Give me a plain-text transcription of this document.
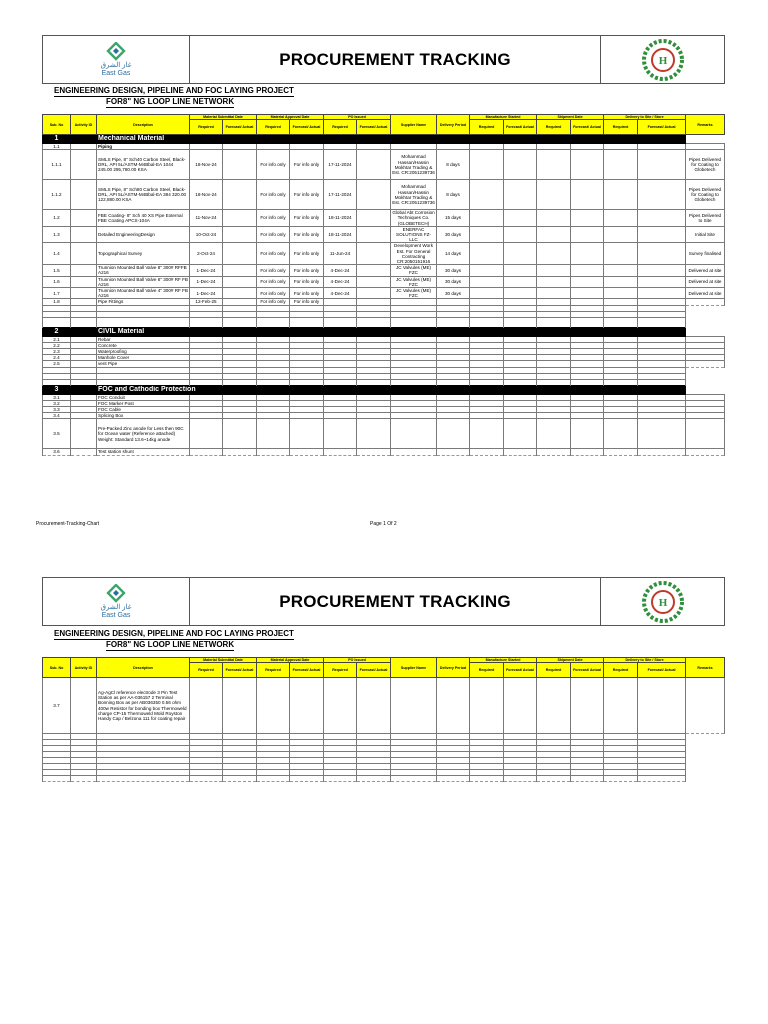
غاز الشرق
East Gas
PROCUREMENT TRACKING	H
ENGINEERING DESIGN, PIPELINE AND FOC LAYING PROJECT
FOR8" NG LOOP LINE NETWORK
Sub. No	Activity ID	Description	Material Submittal Date		Material Approval Date		PO Issued		Supplier Name	Delivery Period	Manufacture Started		Shipment Date		Delivery to Site / Store		Remarks
			Required	Forecast/ Actual	Required	Forecast/ Actual	Required	Forecast/ Actual			Required	Forecast/ Actual	Required	Forecast/ Actual	Required	Forecast/ Actual	
1		Mechanical Material															
1.1		Piping															
1.1.1		SMLS Pipe, 8" Sch40 Carbon Steel, Black-DRL, API 5L/ASTM-M4Bbal-EA 1044 245.00 295,780.00 KSA	18-Nov-24		For info only	For info only	17-11-2024		Mohammad Hassan/Hassin Mokhtar Trading & Est. CR:2051239736	8 days							Pipes Delivered for Coating to Globetech
1.1.2		SMLS Pipe, 8" Sch80 Carbon Steel, Black-DRL, API 5L/ASTM-M4Bbal-EA 384 320.00 122,880.00 KSA	18-Nov-24		For info only	For info only	17-11-2024		Mohammad Hassan/Hassin Mokhtar Trading & Est. CR:2051239736	8 days							Pipes Delivered for Coating to Globetech
1.2		FBE Coating- 8" Sch 40 XS Pipe External FBE Coating APCS-104A	11-Nov-24		For info only	For info only	18-11-2024		Global Abt Corrosion Techniques Co. (GLOBETECH)	15 days							Pipes Delivered to Site
1.3		Detailed EngineeringDesign	10-Oct-24		For info only	For info only	18-11-2024		ENERFAC SOLUTIONS FZ-LLC	30 days							Initial Site
1.4		Topographical Survey	2-Oct-24		For info only	For info only	11-Jun-24		Development Work Est. For General Contracting CR:2050151916	14 days							Survey finalised
1.5		Trunnion Mounted Ball Valve 8" 300# RFFB A216	1-Dec-24		For info only	For info only	4-Dec-24		JC Valvules (ME) FZC	30 days							Delivered at site
1.6		Trunnion Mounted Ball Valve 6" 300# RF FB A216	1-Dec-24		For info only	For info only	4-Dec-24		JC Valvules (ME) FZC	30 days							Delivered at site
1.7		Trunnion Mounted Ball Valve 4" 300# RF FB A216	1-Dec-24		For info only	For info only	4-Dec-24		JC Valvules (ME) FZC	30 days							Delivered at site
1.8		Pipe Fittings	12-Feb-25		For info only	For info only											

2		CIVIL Material															
2.1		Rebar															
2.2		Concrete															
2.3		Waterproofing															
2.4		Manhole Cover															
2.5		vent Pipe															

3		FOC and Cathodic Protection															
3.1		FOC Conduit															
3.2		FOC Marker Post															
3.3		FOC Cable															
3.4		Splicing Box															
3.5		Pre-Packed Zinc anode for Less then 90C for Ocean water (Reference attached) Weight: Standard 13.6~14kg anode															
3.6		Test station shunt															
Procurement-Tracking-Chart	Page 1 Of 2
غاز الشرق
East Gas
PROCUREMENT TRACKING	H
ENGINEERING DESIGN, PIPELINE AND FOC LAYING PROJECT
FOR8" NG LOOP LINE NETWORK
Sub. No	Activity ID	Description	Material Submittal Date		Material Approval Date		PO Issued		Supplier Name	Delivery Period	Manufacture Started		Shipment Date		Delivery to Site / Store		Remarks
			Required	Forecast/ Actual	Required	Forecast/ Actual	Required	Forecast/ Actual			Required	Forecast/ Actual	Required	Forecast/ Actual	Required	Forecast/ Actual	
3.7		Ag-AgCl reference electrode 3 Pin Test Station as per AA-036157 2 Terminal Bonning Box as per AB036350 0.56 ohm 400w Resistor for bonding box Thermoweld charge CP-15 Thermoweld Mold Royston Handy Cap / Belzona 111 for coating repair															
